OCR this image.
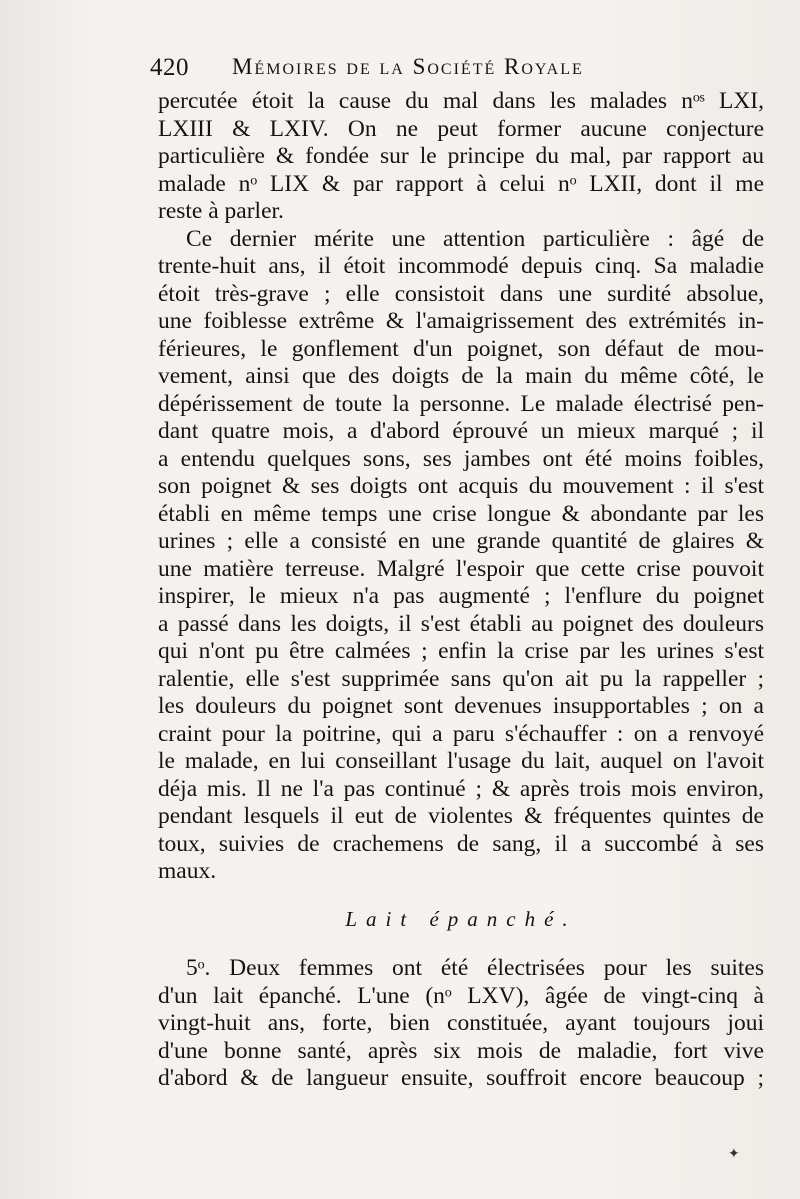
420 Mémoires de la Société Royale
percutée étoit la cause du mal dans les malades nᵒˢ LXI,
LXIII & LXIV. On ne peut former aucune conjecture
particulière & fondée sur le principe du mal, par rapport au
malade nᵒ LIX & par rapport à celui nᵒ LXII, dont il me
reste à parler.
Ce dernier mérite une attention particulière : âgé de
trente-huit ans, il étoit incommodé depuis cinq. Sa maladie
étoit très-grave ; elle consistoit dans une surdité absolue,
une foiblesse extrême & l'amaigrissement des extrémités in-
férieures, le gonflement d'un poignet, son défaut de mou-
vement, ainsi que des doigts de la main du même côté, le
dépérissement de toute la personne. Le malade électrisé pen-
dant quatre mois, a d'abord éprouvé un mieux marqué ; il
a entendu quelques sons, ses jambes ont été moins foibles,
son poignet & ses doigts ont acquis du mouvement : il s'est
établi en même temps une crise longue & abondante par les
urines ; elle a consisté en une grande quantité de glaires &
une matière terreuse. Malgré l'espoir que cette crise pouvoit
inspirer, le mieux n'a pas augmenté ; l'enflure du poignet
a passé dans les doigts, il s'est établi au poignet des douleurs
qui n'ont pu être calmées ; enfin la crise par les urines s'est
ralentie, elle s'est supprimée sans qu'on ait pu la rappeller ;
les douleurs du poignet sont devenues insupportables ; on a
craint pour la poitrine, qui a paru s'échauffer : on a renvoyé
le malade, en lui conseillant l'usage du lait, auquel on l'avoit
déja mis. Il ne l'a pas continué ; & après trois mois environ,
pendant lesquels il eut de violentes & fréquentes quintes de
toux, suivies de crachemens de sang, il a succombé à ses
maux.
Lait épanché.
5ᵒ. Deux femmes ont été électrisées pour les suites
d'un lait épanché. L'une (nᵒ LXV), âgée de vingt-cinq à
vingt-huit ans, forte, bien constituée, ayant toujours joui
d'une bonne santé, après six mois de maladie, fort vive
d'abord & de langueur ensuite, souffroit encore beaucoup ;
✦
